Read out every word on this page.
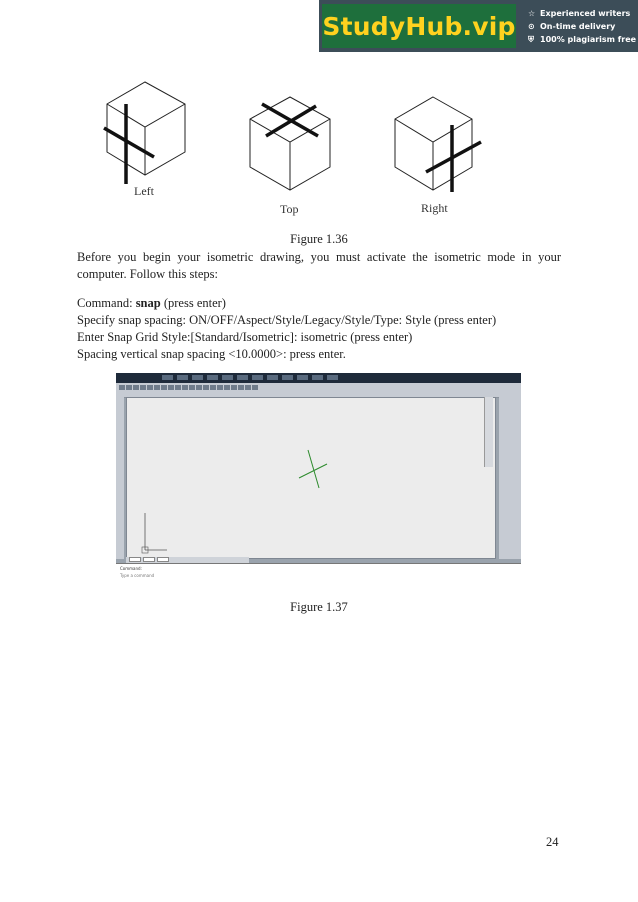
StudyHub.vip ☆ Experienced writers
⊙ On-time delivery
⛨ 100% plagiarism free
Left
Top	Right
Figure 1.36
Before you begin your isometric drawing, you must activate the isometric mode in your computer. Follow this steps:
Command: snap (press enter)
Specify snap spacing: ON/OFF/Aspect/Style/Legacy/Style/Type: Style (press enter)
Enter Snap Grid Style:[Standard/Isometric]: isometric (press enter)
Spacing vertical snap spacing <10.0000>: press enter.
Command:
Type a command
Figure 1.37
24
